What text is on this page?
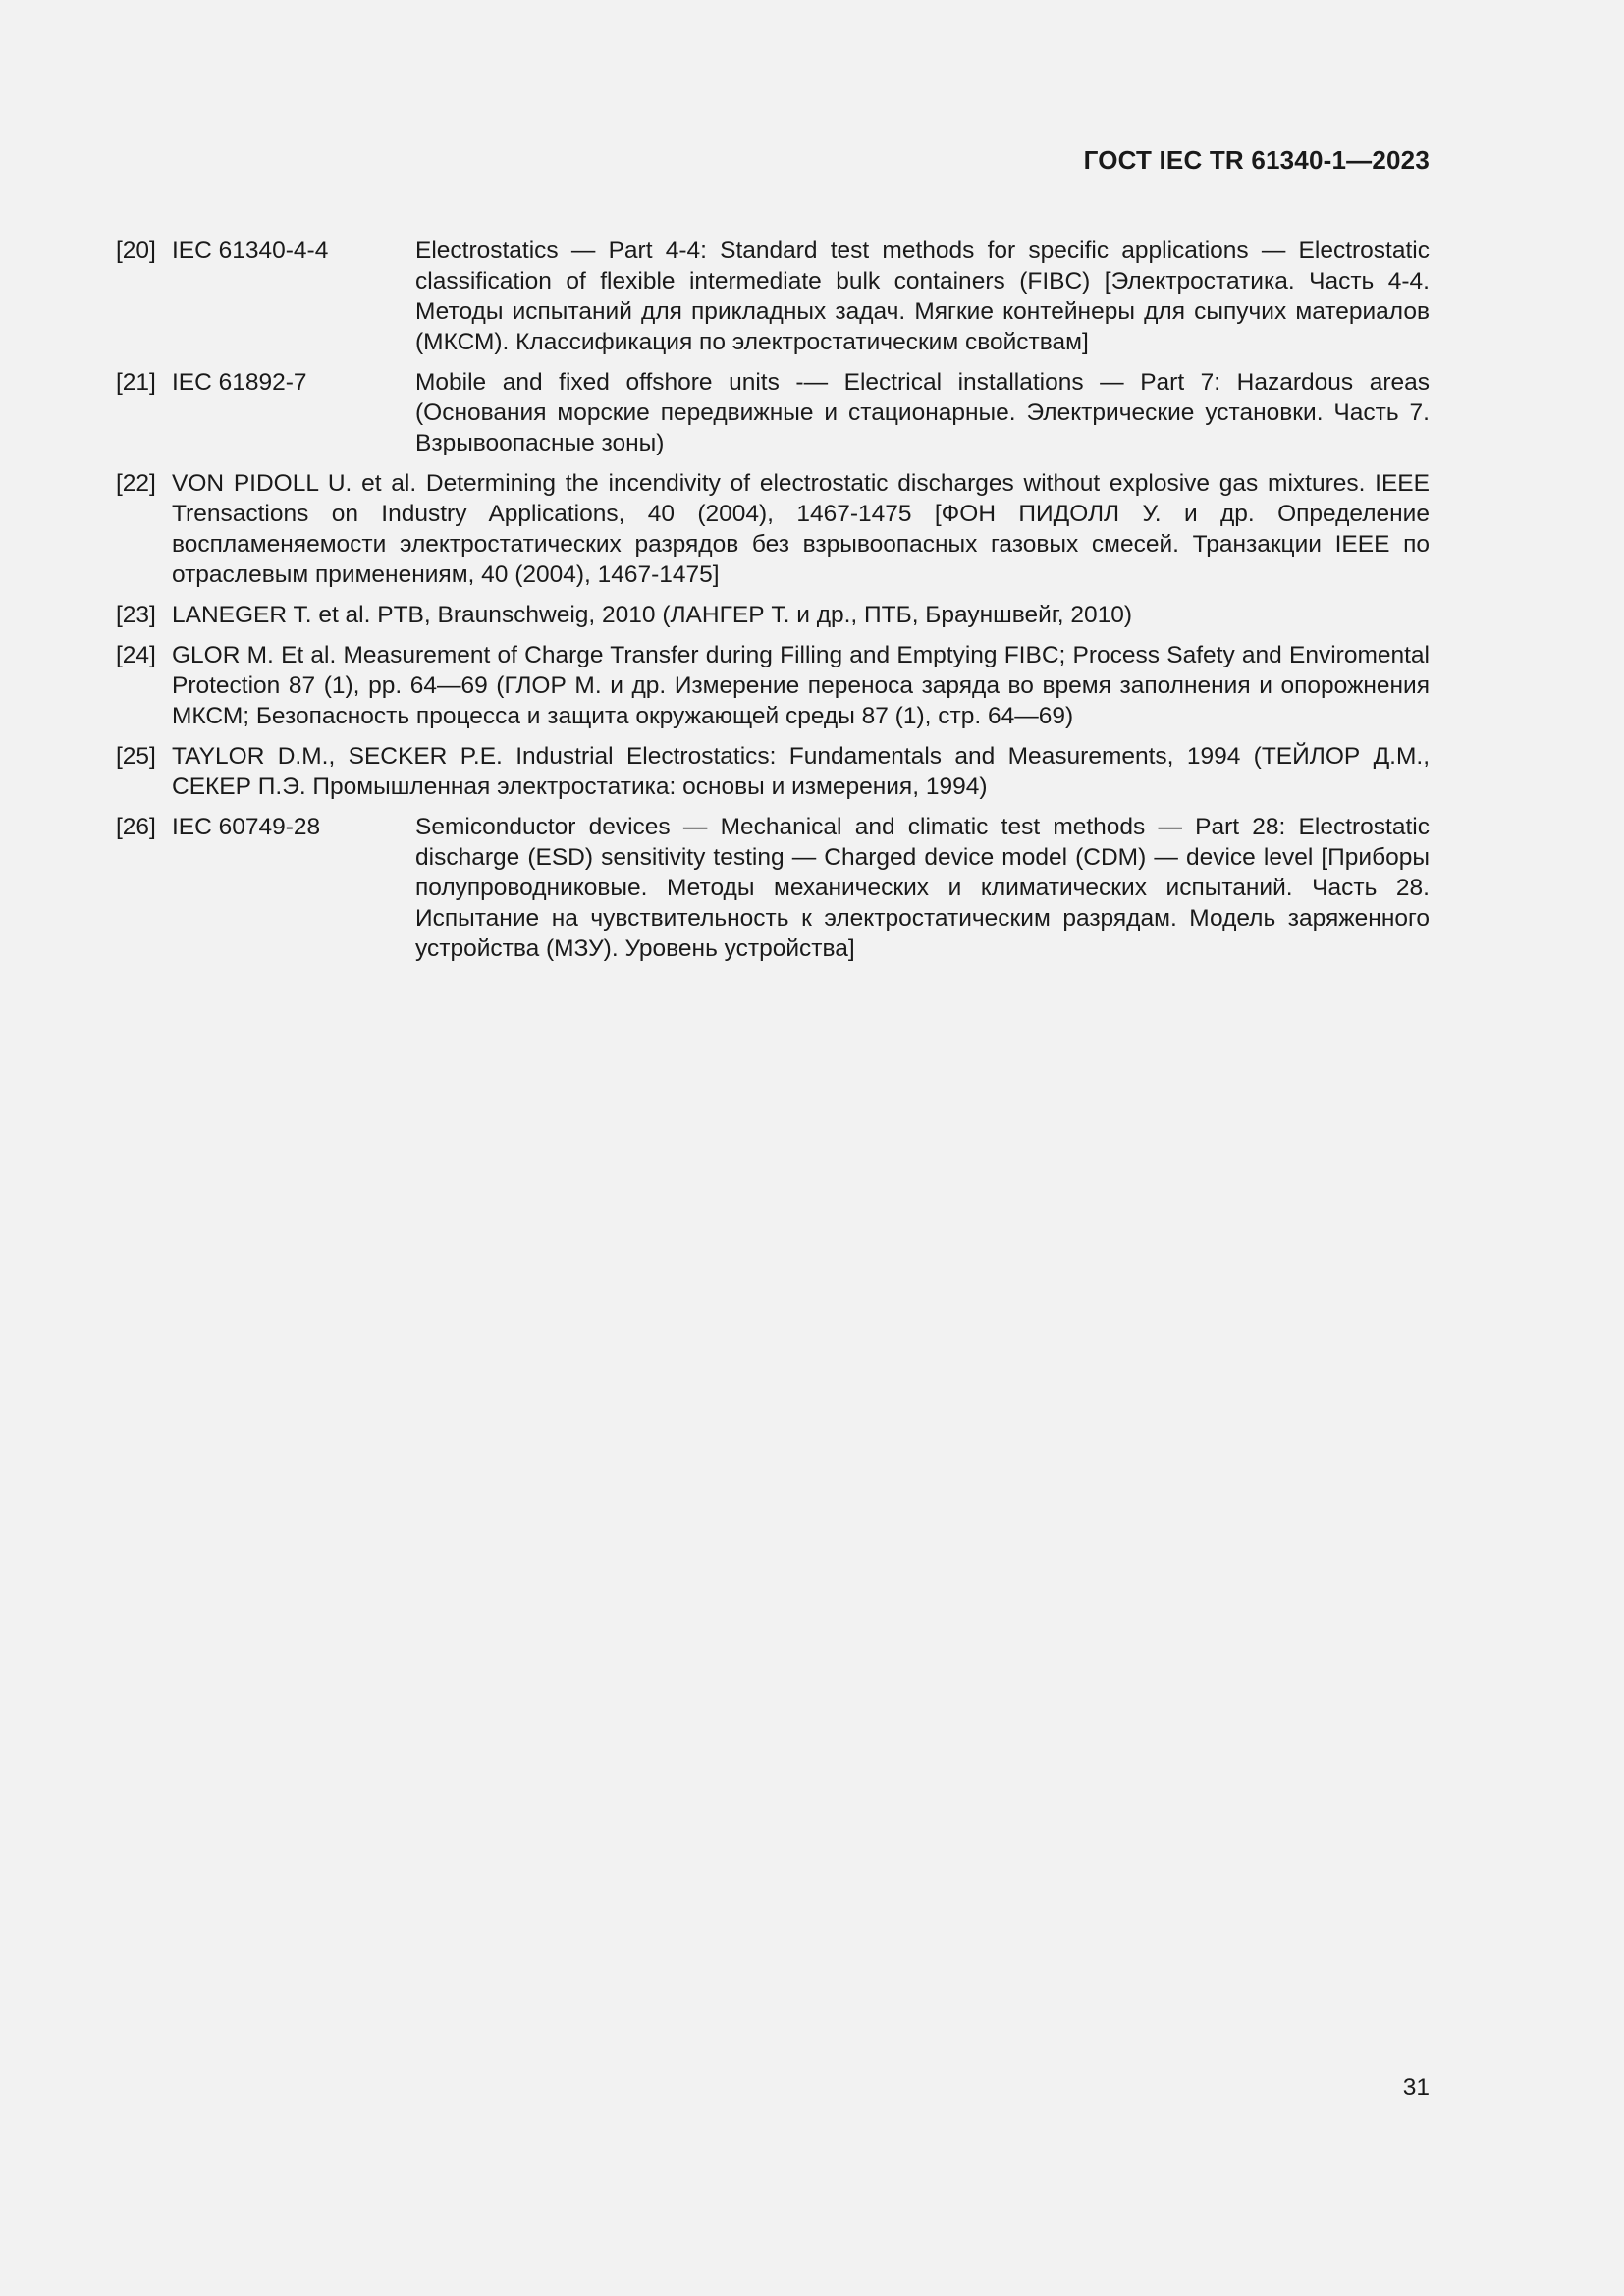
ГОСТ IEC TR 61340-1—2023
[20] IEC 61340-4-4	Electrostatics — Part 4-4: Standard test methods for specific applications — Electrostatic classification of flexible intermediate bulk containers (FIBC) [Электростатика. Часть 4-4. Методы испытаний для прикладных задач. Мягкие контейнеры для сыпучих материалов (МКСМ). Классификация по электростатическим свойствам]
[21] IEC 61892-7	Mobile and fixed offshore units -— Electrical installations — Part 7: Hazardous areas (Основания морские передвижные и стационарные. Электрические установки. Часть 7. Взрывоопасные зоны)
[22] VON PIDOLL U. et al. Determining the incendivity of electrostatic discharges without explosive gas mixtures. IEEE Trensactions on Industry Applications, 40 (2004), 1467-1475 [ФОН ПИДОЛЛ У. и др. Определение воспламеняемости электростатических разрядов без взрывоопасных газовых смесей. Транзакции IEEE по отраслевым применениям, 40 (2004), 1467-1475]
[23] LANEGER T. et al. PTB, Braunschweig, 2010 (ЛАНГЕР Т. и др., ПТБ, Брауншвейг, 2010)
[24] GLOR M. Et al. Measurement of Charge Transfer during Filling and Emptying FIBC; Process Safety and Enviromental Protection 87 (1), pp. 64—69 (ГЛОР М. и др. Измерение переноса заряда во время заполнения и опорожнения МКСМ; Безопасность процесса и защита окружающей среды 87 (1), стр. 64—69)
[25] TAYLOR D.M., SECKER P.E. Industrial Electrostatics: Fundamentals and Measurements, 1994 (ТЕЙЛОР Д.М., СЕКЕР П.Э. Промышленная электростатика: основы и измерения, 1994)
[26] IEC 60749-28	Semiconductor devices — Mechanical and climatic test methods — Part 28: Electrostatic discharge (ESD) sensitivity testing — Charged device model (CDM) — device level [Приборы полупроводниковые. Методы механических и климатических испытаний. Часть 28. Испытание на чувствительность к электростатическим разрядам. Модель заряженного устройства (МЗУ). Уровень устройства]
31
